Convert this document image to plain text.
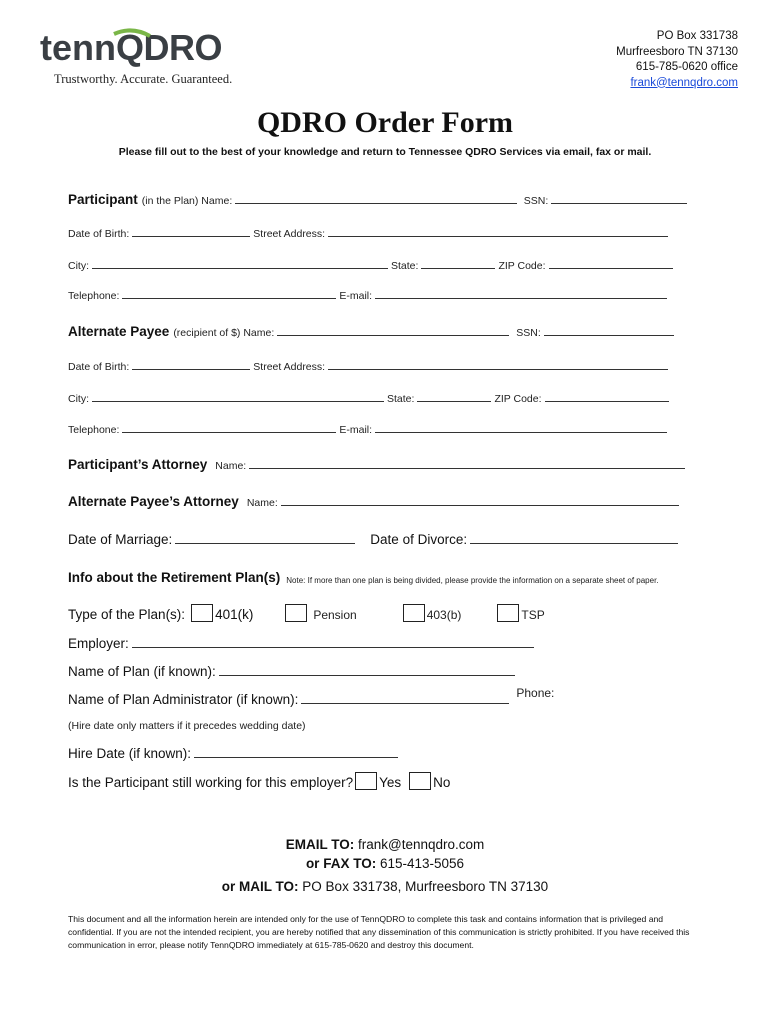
tenn QDRO
Trustworthy. Accurate. Guaranteed.
PO Box 331738
Murfreesboro TN 37130
615-785-0620 office
frank@tennqdro.com
QDRO Order Form
Please fill out to the best of your knowledge and return to Tennessee QDRO Services via email, fax or mail.
Participant (in the Plan) Name:	SSN:
Date of Birth:	Street Address:
City:	State:	ZIP Code:
Telephone:	E-mail:
Alternate Payee (recipient of $) Name:	SSN:
Date of Birth:	Street Address:
City:	State:	ZIP Code:
Telephone:	E-mail:
Participant’s Attorney Name:
Alternate Payee’s Attorney Name:
Date of Marriage:	Date of Divorce:
Info about the Retirement Plan(s) Note: If more than one plan is being divided, please provide the information on a separate sheet of paper.
Type of the Plan(s): 401(k)	Pension	403(b)	TSP
Employer:
Name of Plan (if known):
Name of Plan Administrator (if known):	Phone:
(Hire date only matters if it precedes wedding date)
Hire Date (if known):
Is the Participant still working for this employer? Yes No
EMAIL TO: frank@tennqdro.com
or FAX TO: 615-413-5056
or MAIL TO: PO Box 331738, Murfreesboro TN 37130
This document and all the information herein are intended only for the use of TennQDRO to complete this task and contains information that is privileged and confidential. If you are not the intended recipient, you are hereby notified that any dissemination of this communication is strictly prohibited. If you have received this communication in error, please notify TennQDRO immediately at 615-785-0620 and destroy this document.
